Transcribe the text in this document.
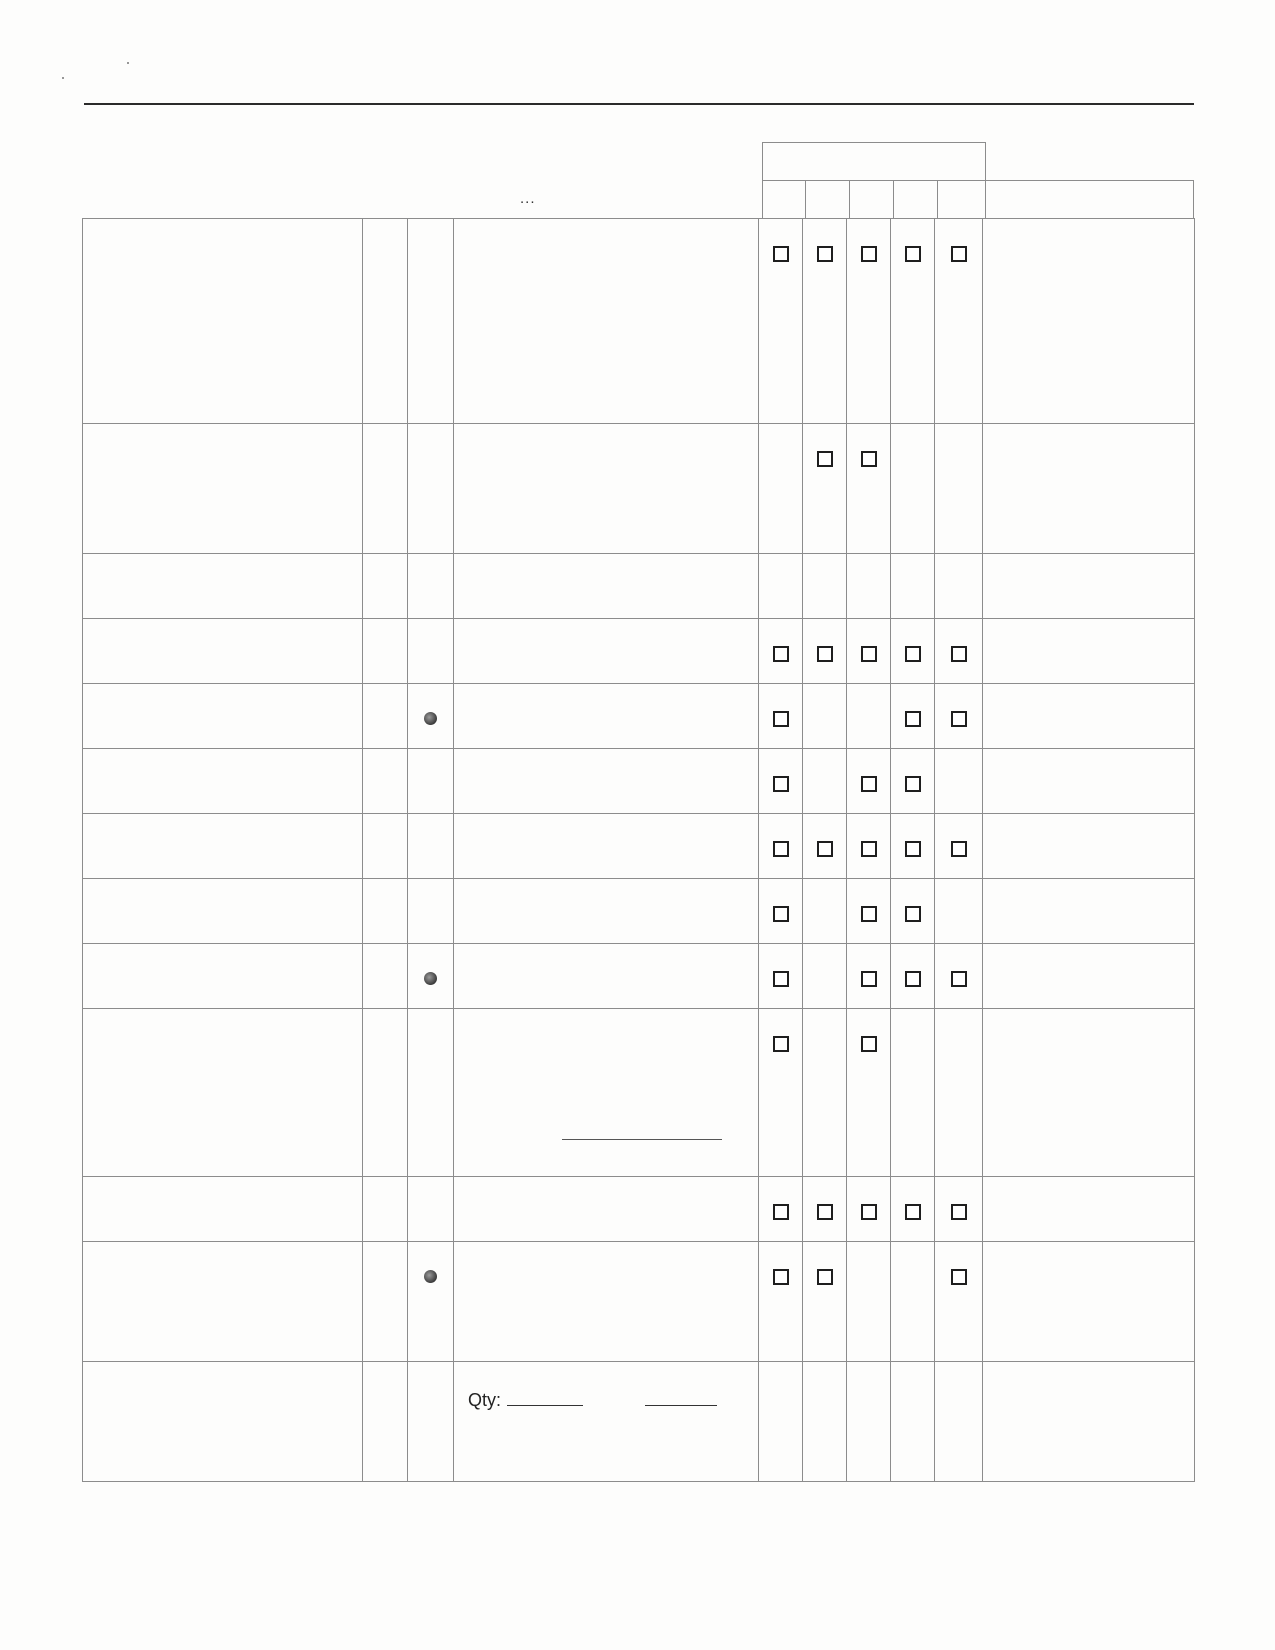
...

			Qty:						
